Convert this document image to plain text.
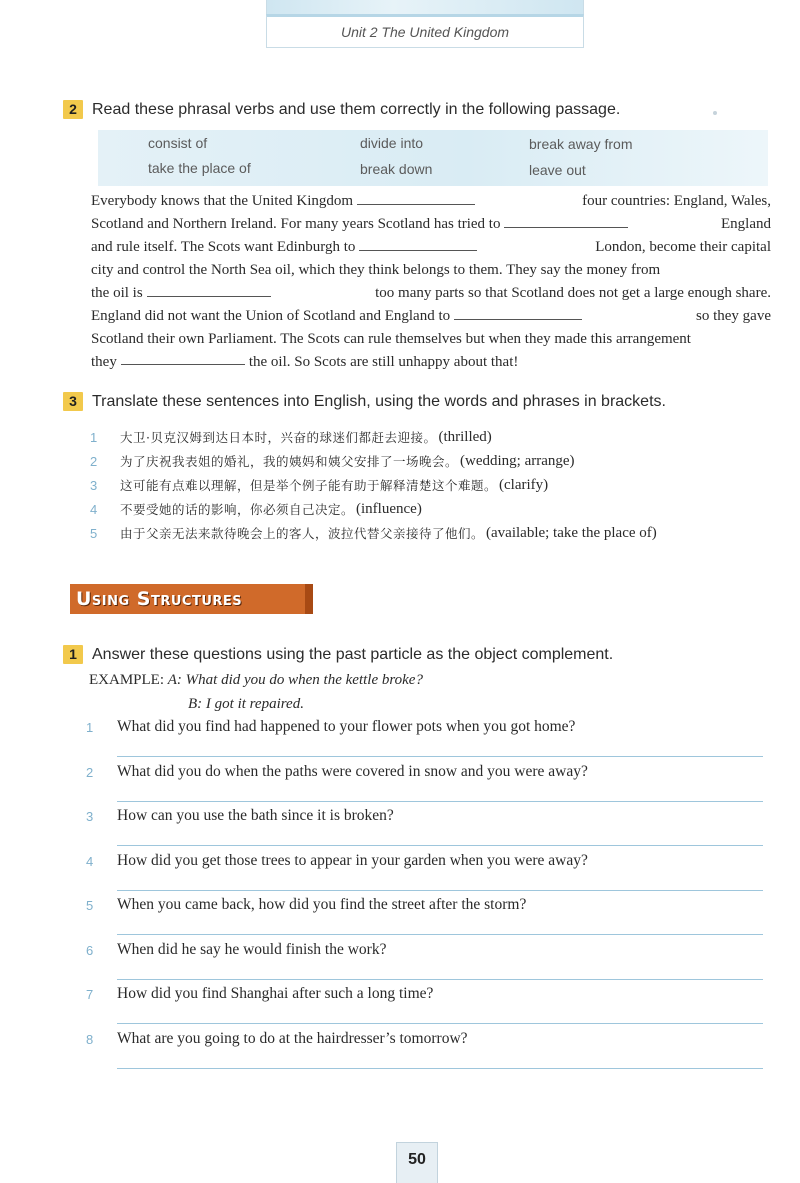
Unit 2 The United Kingdom
2 Read these phrasal verbs and use them correctly in the following passage.
consist of	divide into	break away from
take the place of	break down	leave out
Everybody knows that the United Kingdom	four countries: England, Wales,
Scotland and Northern Ireland. For many years Scotland has tried to	England
and rule itself. The Scots want Edinburgh to	London, become their capital
city and control the North Sea oil, which they think belongs to them. They say the money from
the oil is	too many parts so that Scotland does not get a large enough share.
England did not want the Union of Scotland and England to	so they gave
Scotland their own Parliament. The Scots can rule themselves but when they made this arrangement
they	the oil. So Scots are still unhappy about that!
3 Translate these sentences into English, using the words and phrases in brackets.
1	大卫·贝克汉姆到达日本时，兴奋的球迷们都赶去迎接。 (thrilled)
2	为了庆祝我表姐的婚礼，我的姨妈和姨父安排了一场晚会。 (wedding; arrange)
3	这可能有点难以理解，但是举个例子能有助于解释清楚这个难题。 (clarify)
4	不要受她的话的影响，你必须自己决定。 (influence)
5	由于父亲无法来款待晚会上的客人，波拉代替父亲接待了他们。 (available; take the place of)
Using Structures
1 Answer these questions using the past particle as the object complement.
EXAMPLE: A: What did you do when the kettle broke?
B: I got it repaired.
1	What did you find had happened to your flower pots when you got home?
2	What did you do when the paths were covered in snow and you were away?
3	How can you use the bath since it is broken?
4	How did you get those trees to appear in your garden when you were away?
5	When you came back, how did you find the street after the storm?
6	When did he say he would finish the work?
7	How did you find Shanghai after such a long time?
8	What are you going to do at the hairdresser’s tomorrow?
50
